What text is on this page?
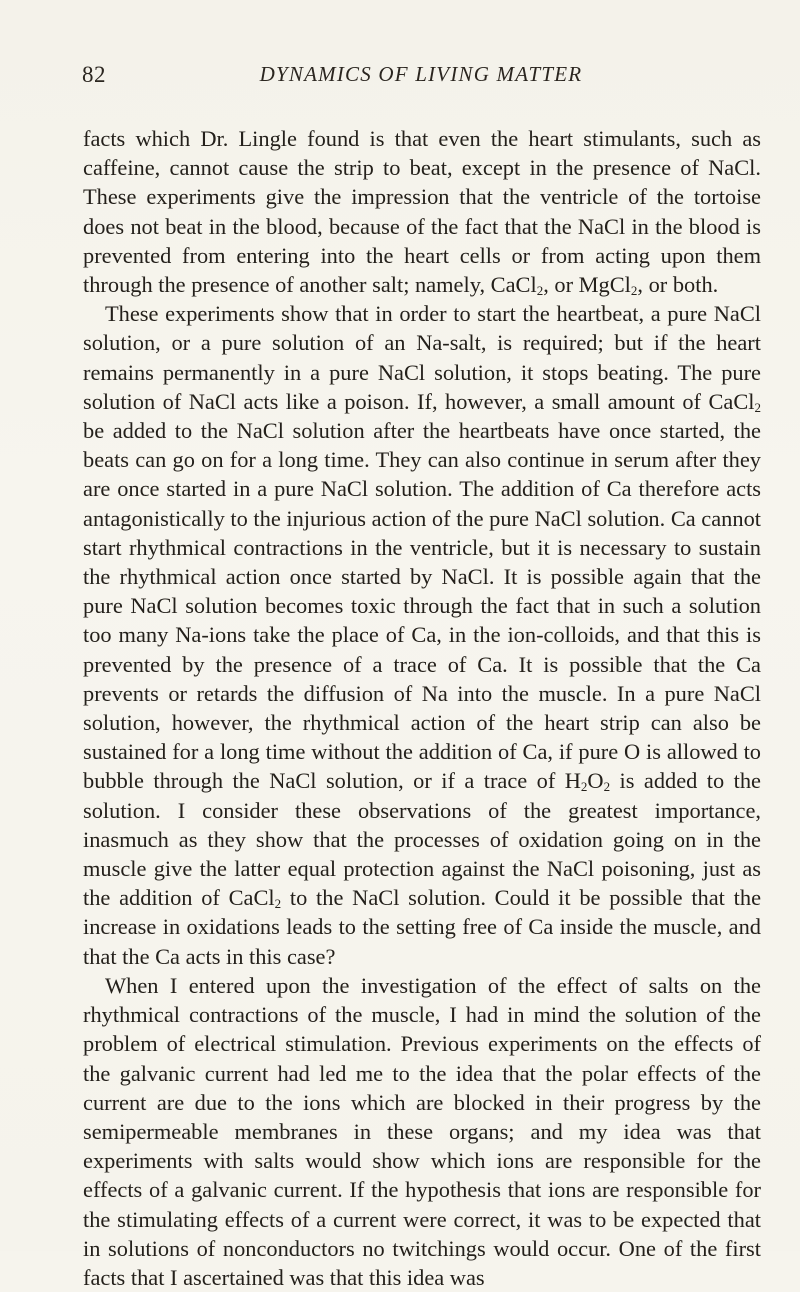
82	DYNAMICS OF LIVING MATTER

facts which Dr. Lingle found is that even the heart stimulants, such as caffeine, cannot cause the strip to beat, except in the presence of NaCl. These experiments give the impression that the ventricle of the tortoise does not beat in the blood, because of the fact that the NaCl in the blood is prevented from entering into the heart cells or from acting upon them through the presence of another salt; namely, CaCl$_2$, or MgCl$_2$, or both.

These experiments show that in order to start the heartbeat, a pure NaCl solution, or a pure solution of an Na-salt, is required; but if the heart remains permanently in a pure NaCl solution, it stops beating. The pure solution of NaCl acts like a poison. If, however, a small amount of CaCl$_2$ be added to the NaCl solution after the heartbeats have once started, the beats can go on for a long time. They can also continue in serum after they are once started in a pure NaCl solution. The addition of Ca therefore acts antagonistically to the injurious action of the pure NaCl solution. Ca cannot start rhythmical contractions in the ventricle, but it is necessary to sustain the rhythmical action once started by NaCl. It is possible again that the pure NaCl solution becomes toxic through the fact that in such a solution too many Na-ions take the place of Ca, in the ion-colloids, and that this is prevented by the presence of a trace of Ca. It is possible that the Ca prevents or retards the diffusion of Na into the muscle. In a pure NaCl solution, however, the rhythmical action of the heart strip can also be sustained for a long time without the addition of Ca, if pure O is allowed to bubble through the NaCl solution, or if a trace of $H_2O_2$ is added to the solution. I consider these observations of the greatest importance, inasmuch as they show that the processes of oxidation going on in the muscle give the latter equal protection against the NaCl poisoning, just as the addition of CaCl$_2$ to the NaCl solution. Could it be possible that the increase in oxidations leads to the setting free of Ca inside the muscle, and that the Ca acts in this case?

When I entered upon the investigation of the effect of salts on the rhythmical contractions of the muscle, I had in mind the solution of the problem of electrical stimulation. Previous experiments on the effects of the galvanic current had led me to the idea that the polar effects of the current are due to the ions which are blocked in their progress by the semipermeable membranes in these organs; and my idea was that experiments with salts would show which ions are responsible for the effects of a galvanic current. If the hypothesis that ions are responsible for the stimulating effects of a current were correct, it was to be expected that in solutions of nonconductors no twitchings would occur. One of the first facts that I ascertained was that this idea was
